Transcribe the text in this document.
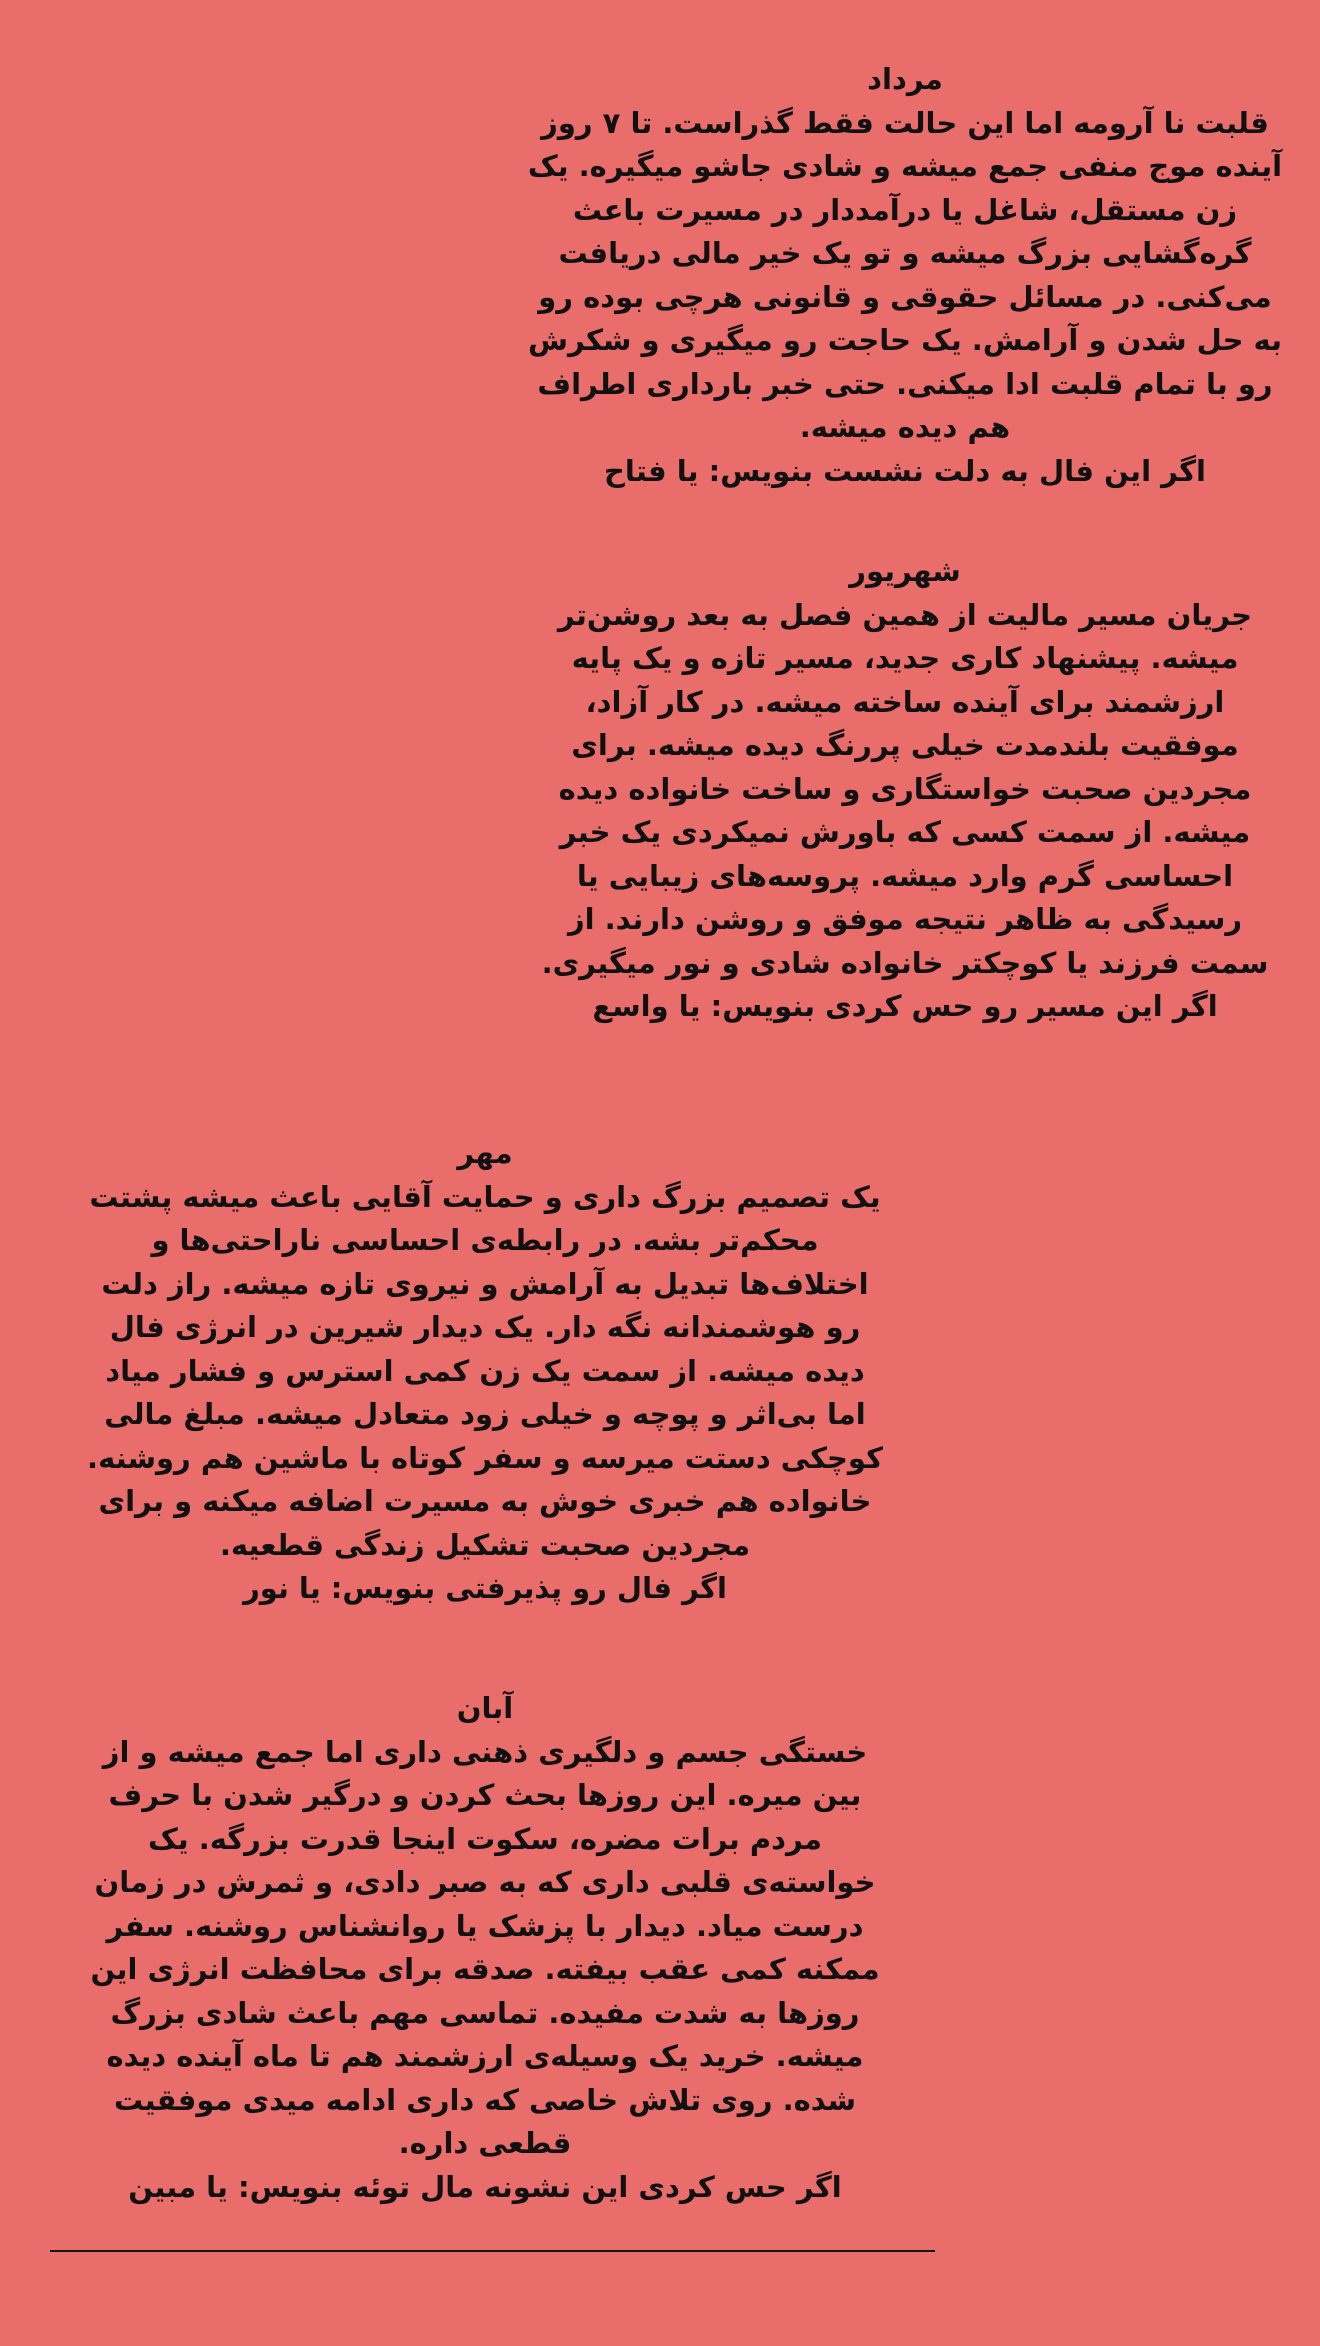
مرداد

قلبت نا آرومه اما این حالت فقط گذراست. تا ۷ روز آینده موج منفی جمع میشه و شادی جاشو میگیره. یک زن مستقل، شاغل یا درآمددار در مسیرت باعث گره‌گشایی بزرگ میشه و تو یک خیر مالی دریافت می‌کنی. در مسائل حقوقی و قانونی هرچی بوده رو به حل شدن و آرامش. یک حاجت رو میگیری و شکرش رو با تمام قلبت ادا میکنی. حتی خبر بارداری اطراف هم دیده میشه.

اگر این فال به دلت نشست بنویس: یا فتاح

شهریور

جریان مسیر مالیت از همین فصل به بعد روشن‌تر میشه. پیشنهاد کاری جدید، مسیر تازه و یک پایه ارزشمند برای آینده ساخته میشه. در کار آزاد، موفقیت بلندمدت خیلی پررنگ دیده میشه. برای مجردین صحبت خواستگاری و ساخت خانواده دیده میشه. از سمت کسی که باورش نمیکردی یک خبر احساسی گرم وارد میشه. پروسه‌های زیبایی یا رسیدگی به ظاهر نتیجه موفق و روشن دارند. از سمت فرزند یا کوچکتر خانواده شادی و نور میگیری.

اگر این مسیر رو حس کردی بنویس: یا واسع

مهر

یک تصمیم بزرگ داری و حمایت آقایی باعث میشه پشتت محکم‌تر بشه. در رابطه‌ی احساسی ناراحتی‌ها و اختلاف‌ها تبدیل به آرامش و نیروی تازه میشه. راز دلت رو هوشمندانه نگه دار. یک دیدار شیرین در انرژی فال دیده میشه. از سمت یک زن کمی استرس و فشار میاد اما بی‌اثر و پوچه و خیلی زود متعادل میشه. مبلغ مالی کوچکی دستت میرسه و سفر کوتاه با ماشین هم روشنه. خانواده هم خبری خوش به مسیرت اضافه میکنه و برای مجردین صحبت تشکیل زندگی قطعیه.

اگر فال رو پذیرفتی بنویس: یا نور

آبان

خستگی جسم و دلگیری ذهنی داری اما جمع میشه و از بین میره. این روزها بحث کردن و درگیر شدن با حرف مردم برات مضره، سکوت اینجا قدرت بزرگه. یک خواسته‌ی قلبی داری که به صبر دادی، و ثمرش در زمان درست میاد. دیدار با پزشک یا روانشناس روشنه. سفر ممکنه کمی عقب بیفته. صدقه برای محافظت انرژی این روزها به شدت مفیده. تماسی مهم باعث شادی بزرگ میشه. خرید یک وسیله‌ی ارزشمند هم تا ماه آینده دیده شده. روی تلاش خاصی که داری ادامه میدی موفقیت قطعی داره.

اگر حس کردی این نشونه مال توئه بنویس: یا مبین
